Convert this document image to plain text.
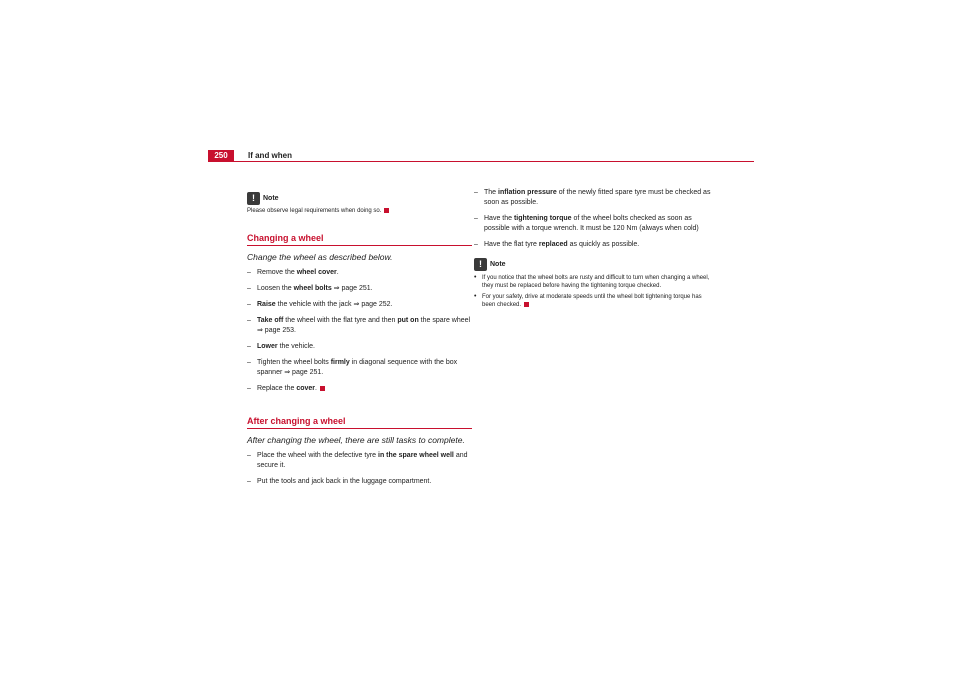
250	If and when
!	Note
Please observe legal requirements when doing so.
Changing a wheel
Change the wheel as described below.
– Remove the wheel cover.
– Loosen the wheel bolts ⇒ page 251.
– Raise the vehicle with the jack ⇒ page 252.
– Take off the wheel with the flat tyre and then put on the spare wheel ⇒ page 253.
– Lower the vehicle.
– Tighten the wheel bolts firmly in diagonal sequence with the box spanner ⇒ page 251.
– Replace the cover.
After changing a wheel
After changing the wheel, there are still tasks to complete.
– Place the wheel with the defective tyre in the spare wheel well and secure it.
– Put the tools and jack back in the luggage compartment.
– The inflation pressure of the newly fitted spare tyre must be checked as soon as possible.
– Have the tightening torque of the wheel bolts checked as soon as possible with a torque wrench. It must be 120 Nm (always when cold)
– Have the flat tyre replaced as quickly as possible.
!	Note
• If you notice that the wheel bolts are rusty and difficult to turn when changing a wheel, they must be replaced before having the tightening torque checked.
• For your safety, drive at moderate speeds until the wheel bolt tightening torque has been checked.
